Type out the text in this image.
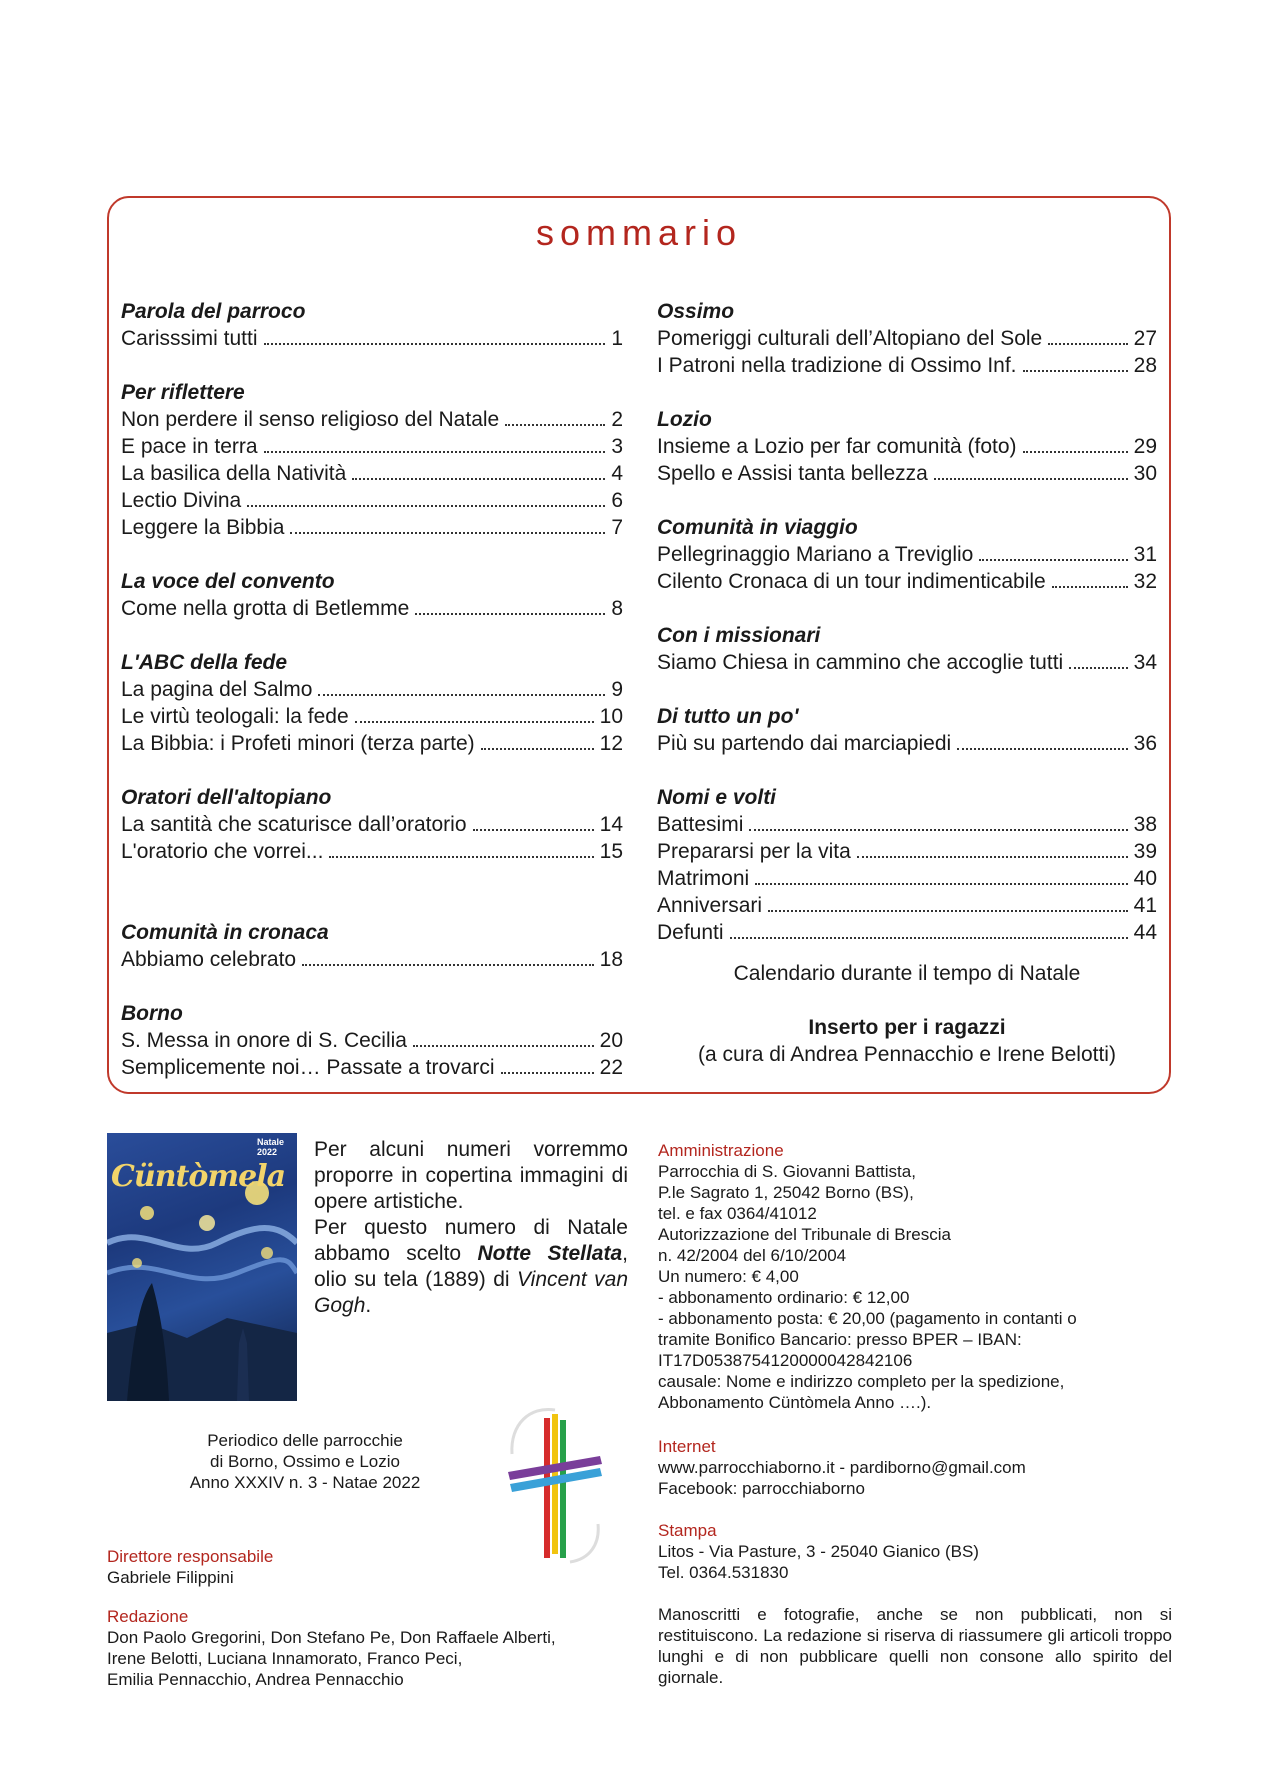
sommario
Parola del parroco
Carisssimi tutti	1
Per riflettere
Non perdere il senso religioso del Natale	2
E pace in terra	3
La basilica della Natività	4
Lectio Divina	6
Leggere la Bibbia	7
La voce del convento
Come nella grotta di Betlemme	8
L'ABC della fede
La pagina del Salmo	9
Le virtù teologali: la fede	10
La Bibbia: i Profeti minori (terza parte)	12
Oratori dell'altopiano
La santità che scaturisce dall’oratorio	14
L'oratorio che vorrei...	15
Comunità in cronaca
Abbiamo celebrato	18
Borno
S. Messa in onore di S. Cecilia	20
Semplicemente noi… Passate a trovarci	22
Ossimo
Pomeriggi culturali dell’Altopiano del Sole	27
I Patroni nella tradizione di Ossimo Inf.	28
Lozio
Insieme a Lozio per far comunità (foto)	29
Spello e Assisi tanta bellezza	30
Comunità in viaggio
Pellegrinaggio Mariano a Treviglio	31
Cilento Cronaca di un tour indimenticabile	32
Con i missionari
Siamo Chiesa in cammino che accoglie tutti	34
Di tutto un po'
Più su partendo dai marciapiedi	36
Nomi e volti
Battesimi	38
Prepararsi per la vita	39
Matrimoni	40
Anniversari	41
Defunti	44
Calendario durante il tempo di Natale
Inserto per i ragazzi
(a cura di Andrea Pennacchio e Irene Belotti)
Natale 2022
Cüntòmela
Per alcuni numeri vorremmo proporre in copertina immagini di opere artistiche.
Per questo numero di Natale abbamo scelto Notte Stellata, olio su tela (1889) di Vincent van Gogh.
Periodico delle parrocchie
di Borno, Ossimo e Lozio
Anno XXXIV n. 3 - Natae 2022
Direttore responsabile
Gabriele Filippini
Redazione
Don Paolo Gregorini, Don Stefano Pe, Don Raffaele Alberti,
Irene Belotti, Luciana Innamorato, Franco Peci,
Emilia Pennacchio, Andrea Pennacchio
Amministrazione
Parrocchia di S. Giovanni Battista,
P.le Sagrato 1, 25042 Borno (BS),
tel. e fax 0364/41012
Autorizzazione del Tribunale di Brescia
n. 42/2004 del 6/10/2004
Un numero: € 4,00
- abbonamento ordinario: € 12,00
- abbonamento posta: € 20,00 (pagamento in contanti o
tramite Bonifico Bancario: presso BPER – IBAN:
IT17D0538754120000042842106
causale: Nome e indirizzo completo per la spedizione,
Abbonamento Cüntòmela Anno ….).
Internet
www.parrocchiaborno.it - pardiborno@gmail.com
Facebook: parrocchiaborno
Stampa
Litos - Via Pasture, 3 - 25040 Gianico (BS)
Tel. 0364.531830
Manoscritti e fotografie, anche se non pubblicati, non si restituiscono. La redazione si riserva di riassumere gli articoli troppo lunghi e di non pubblicare quelli non consone allo spirito del giornale.
